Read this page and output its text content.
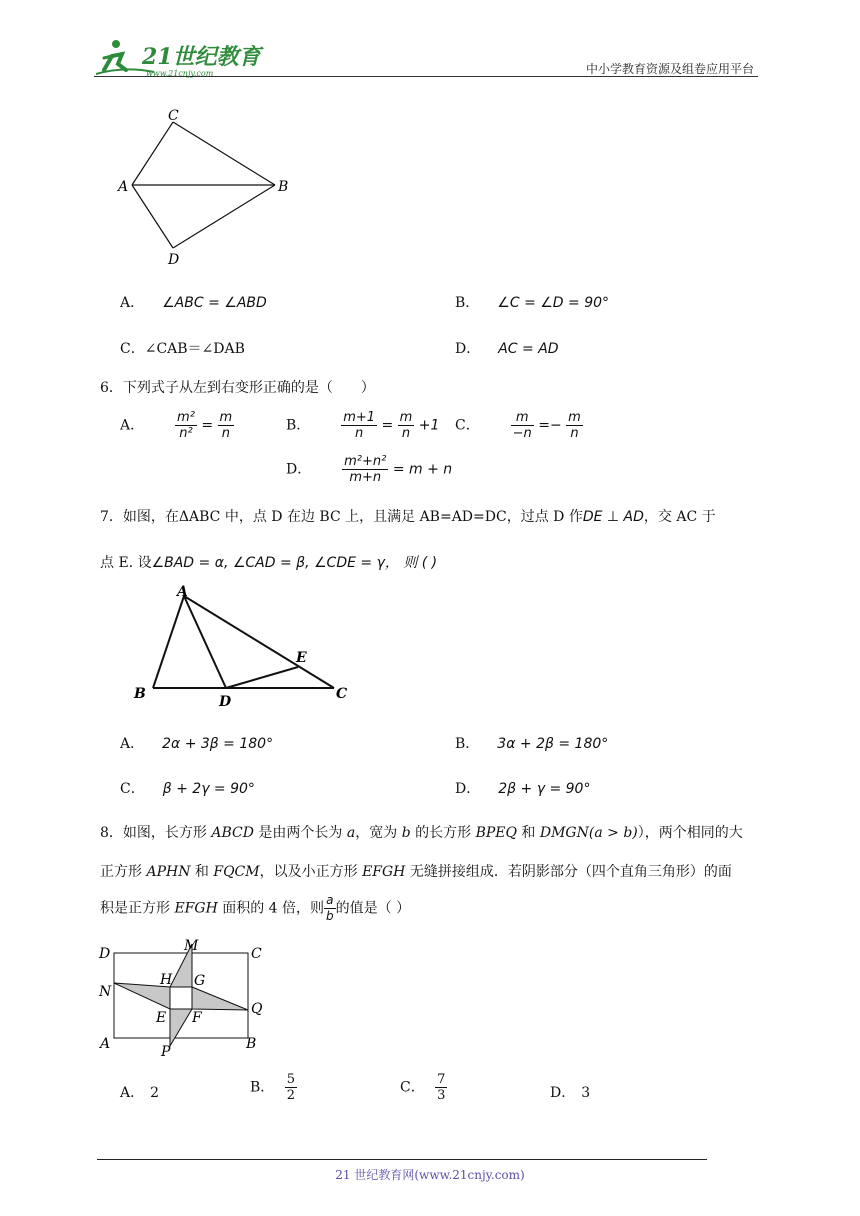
21世纪教育
www.21cnjy.com	中小学教育资源及组卷应用平台
C
A	B
D
A． ∠ABC = ∠ABD	B． ∠C = ∠D = 90°
C．∠CAB＝∠DAB	D． AC = AD
6．下列式子从左到右变形正确的是（　　）
A． $\frac{\text{m²}}{\text{n²}} = \frac{m}{n}$	B． $\frac{m+1}{n} = \frac{m}{n} +1$ C． $\frac{m}{-n} =- \frac{m}{n}$
D． $\frac{\text{m²+n²}}{m+n} = m + n$
7．如图，在ΔABC 中，点 D 在边 BC 上，且满足 AB=AD=DC，过点 D 作DE ⊥ AD，交 AC 于
点 E. 设∠BAD = α, ∠CAD = β, ∠CDE = γ， 则 ( )
A
E
B	D	C
A． 2α + 3β = 180°	B． 3α + 2β = 180°
C． β + 2γ = 90°	D． 2β + γ = 90°
8．如图，长方形 ABCD 是由两个长为 a，宽为 b 的长方形 BPEQ 和 DMGN(a > b)），两个相同的大
正方形 APHN 和 FQCM，以及小正方形 EFGH 无缝拼接组成．若阴影部分（四个直角三角形）的面
积是正方形 EFGH 面积的 4 倍，则 $\frac{a}{b}$ 的值是（ ）
D	M	C
H G
N
Q
E F
A	P	B
A． 2	B． $\frac{5}{2}$	C． $\frac{7}{3}$	D． 3
21 世纪教育网(www.21cnjy.com)
